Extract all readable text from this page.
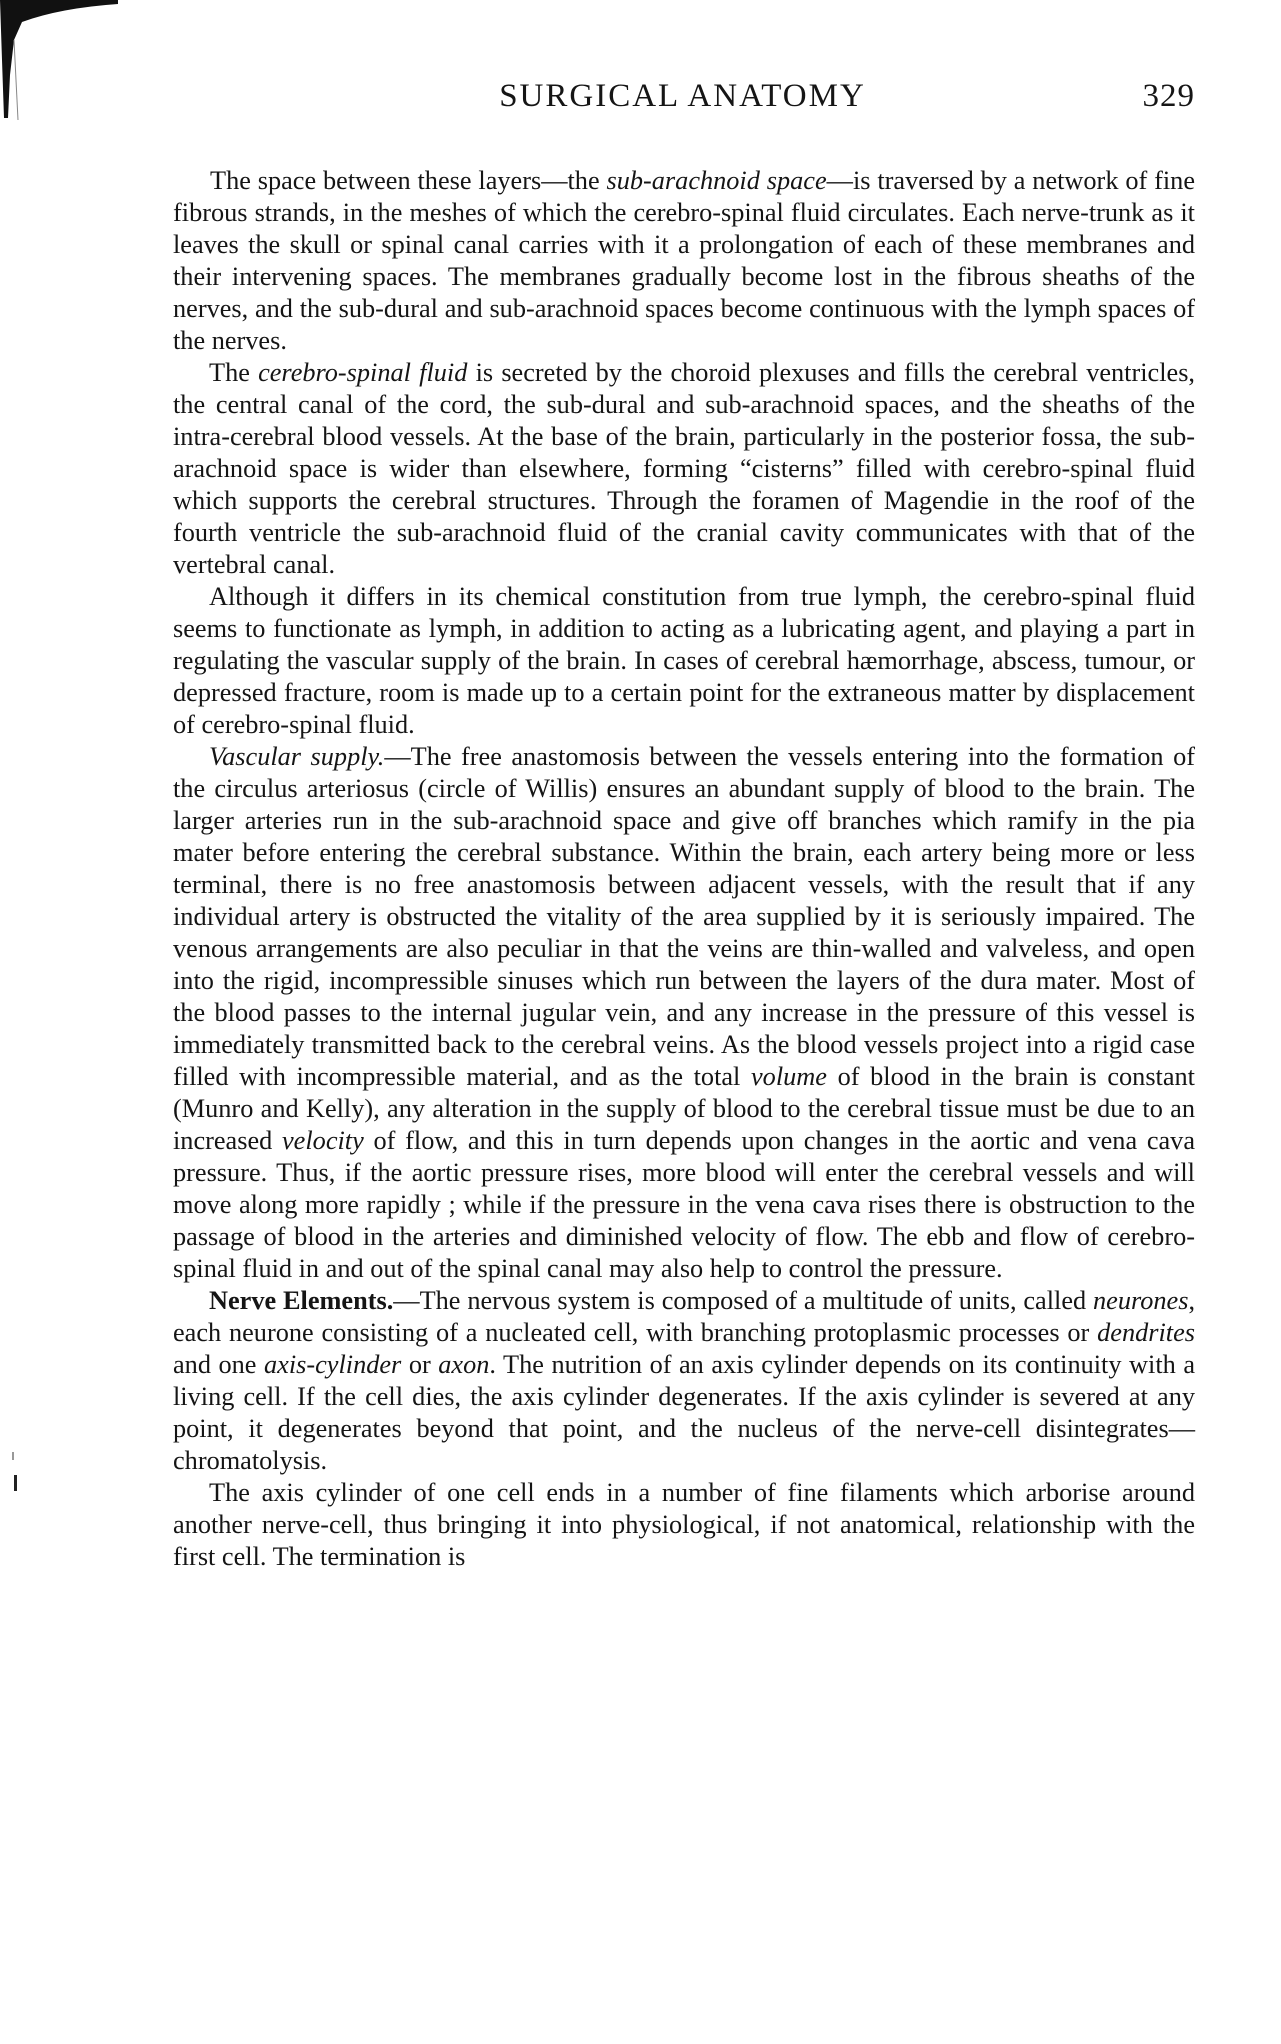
SURGICAL ANATOMY	329

The space between these layers—the sub-arachnoid space—is traversed by a network of fine fibrous strands, in the meshes of which the cerebro-spinal fluid circulates. Each nerve-trunk as it leaves the skull or spinal canal carries with it a prolongation of each of these membranes and their intervening spaces. The membranes gradually become lost in the fibrous sheaths of the nerves, and the sub-dural and sub-arachnoid spaces become continuous with the lymph spaces of the nerves.

The cerebro-spinal fluid is secreted by the choroid plexuses and fills the cerebral ventricles, the central canal of the cord, the sub-dural and sub-arachnoid spaces, and the sheaths of the intra-cerebral blood vessels. At the base of the brain, particularly in the posterior fossa, the sub-arachnoid space is wider than elsewhere, forming “cisterns” filled with cerebro-spinal fluid which supports the cerebral structures. Through the foramen of Magendie in the roof of the fourth ventricle the sub-arachnoid fluid of the cranial cavity communicates with that of the vertebral canal.

Although it differs in its chemical constitution from true lymph, the cerebro-spinal fluid seems to functionate as lymph, in addition to acting as a lubricating agent, and playing a part in regulating the vascular supply of the brain. In cases of cerebral hæmorrhage, abscess, tumour, or depressed fracture, room is made up to a certain point for the extraneous matter by displacement of cerebro-spinal fluid.

Vascular supply.—The free anastomosis between the vessels entering into the formation of the circulus arteriosus (circle of Willis) ensures an abundant supply of blood to the brain. The larger arteries run in the sub-arachnoid space and give off branches which ramify in the pia mater before entering the cerebral substance. Within the brain, each artery being more or less terminal, there is no free anastomosis between adjacent vessels, with the result that if any individual artery is obstructed the vitality of the area supplied by it is seriously impaired. The venous arrangements are also peculiar in that the veins are thin-walled and valveless, and open into the rigid, incompressible sinuses which run between the layers of the dura mater. Most of the blood passes to the internal jugular vein, and any increase in the pressure of this vessel is immediately transmitted back to the cerebral veins. As the blood vessels project into a rigid case filled with incompressible material, and as the total volume of blood in the brain is constant (Munro and Kelly), any alteration in the supply of blood to the cerebral tissue must be due to an increased velocity of flow, and this in turn depends upon changes in the aortic and vena cava pressure. Thus, if the aortic pressure rises, more blood will enter the cerebral vessels and will move along more rapidly ; while if the pressure in the vena cava rises there is obstruction to the passage of blood in the arteries and diminished velocity of flow. The ebb and flow of cerebro-spinal fluid in and out of the spinal canal may also help to control the pressure.

Nerve Elements.—The nervous system is composed of a multitude of units, called neurones, each neurone consisting of a nucleated cell, with branching protoplasmic processes or dendrites and one axis-cylinder or axon. The nutrition of an axis cylinder depends on its continuity with a living cell. If the cell dies, the axis cylinder degenerates. If the axis cylinder is severed at any point, it degenerates beyond that point, and the nucleus of the nerve-cell disintegrates—chromatolysis.

The axis cylinder of one cell ends in a number of fine filaments which arborise around another nerve-cell, thus bringing it into physiological, if not anatomical, relationship with the first cell. The termination is
